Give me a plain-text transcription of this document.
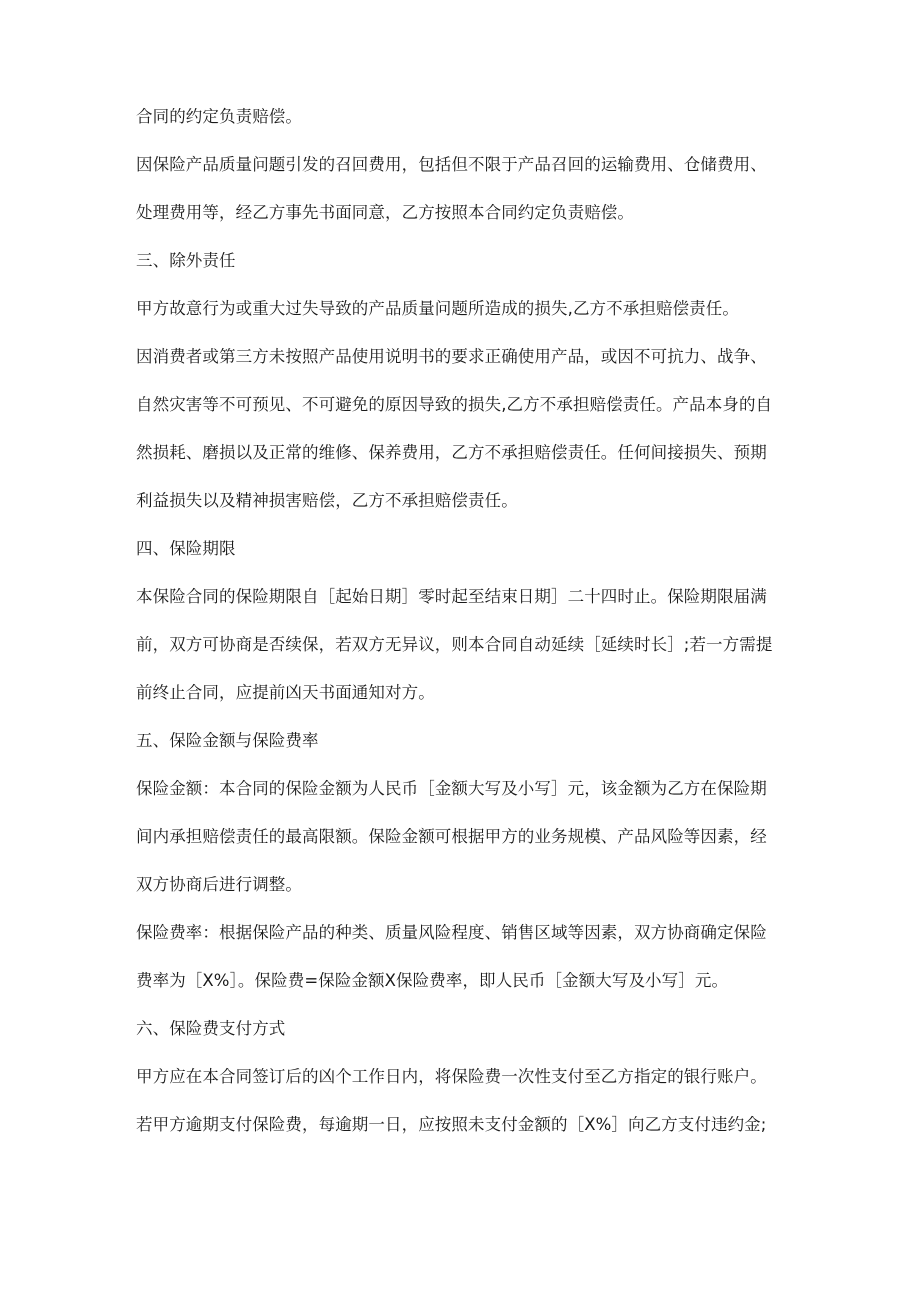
合同的约定负责赔偿。

因保险产品质量问题引发的召回费用，包括但不限于产品召回的运输费用、仓储费用、

处理费用等，经乙方事先书面同意，乙方按照本合同约定负责赔偿。

三、除外责任

甲方故意行为或重大过失导致的产品质量问题所造成的损失,乙方不承担赔偿责任。

因消费者或第三方未按照产品使用说明书的要求正确使用产品，或因不可抗力、战争、

自然灾害等不可预见、不可避免的原因导致的损失,乙方不承担赔偿责任。产品本身的自

然损耗、磨损以及正常的维修、保养费用，乙方不承担赔偿责任。任何间接损失、预期

利益损失以及精神损害赔偿，乙方不承担赔偿责任。

四、保险期限

本保险合同的保险期限自［起始日期］零时起至结束日期］二十四时止。保险期限届满

前，双方可协商是否续保，若双方无异议，则本合同自动延续［延续时长］;若一方需提

前终止合同，应提前凶天书面通知对方。

五、保险金额与保险费率

保险金额：本合同的保险金额为人民币［金额大写及小写］元，该金额为乙方在保险期

间内承担赔偿责任的最高限额。保险金额可根据甲方的业务规模、产品风险等因素，经

双方协商后进行调整。

保险费率：根据保险产品的种类、质量风险程度、销售区域等因素，双方协商确定保险

费率为［X%］。保险费=保险金额X保险费率，即人民币［金额大写及小写］元。

六、保险费支付方式

甲方应在本合同签订后的凶个工作日内，将保险费一次性支付至乙方指定的银行账户。

若甲方逾期支付保险费，每逾期一日，应按照未支付金额的［X%］向乙方支付违约金;
